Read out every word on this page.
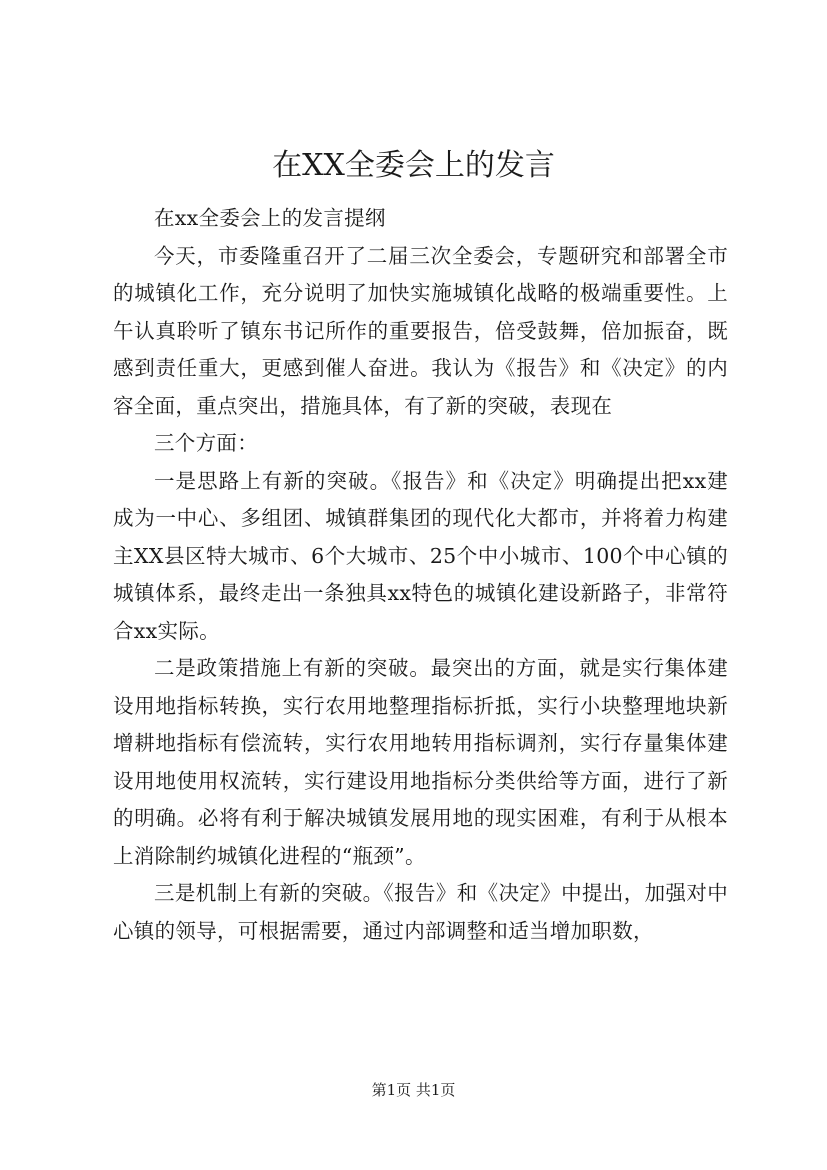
在XX全委会上的发言

在xx全委会上的发言提纲

今天，市委隆重召开了二届三次全委会，专题研究和部署全市的城镇化工作，充分说明了加快实施城镇化战略的极端重要性。上午认真聆听了镇东书记所作的重要报告，倍受鼓舞，倍加振奋，既感到责任重大，更感到催人奋进。我认为《报告》和《决定》的内容全面，重点突出，措施具体，有了新的突破，表现在

三个方面：

一是思路上有新的突破。《报告》和《决定》明确提出把xx建成为一中心、多组团、城镇群集团的现代化大都市，并将着力构建主XX县区特大城市、6个大城市、25个中小城市、100个中心镇的城镇体系，最终走出一条独具xx特色的城镇化建设新路子，非常符合xx实际。

二是政策措施上有新的突破。最突出的方面，就是实行集体建设用地指标转换，实行农用地整理指标折抵，实行小块整理地块新增耕地指标有偿流转，实行农用地转用指标调剂，实行存量集体建设用地使用权流转，实行建设用地指标分类供给等方面，进行了新的明确。必将有利于解决城镇发展用地的现实困难，有利于从根本上消除制约城镇化进程的“瓶颈”。

三是机制上有新的突破。《报告》和《决定》中提出，加强对中心镇的领导，可根据需要，通过内部调整和适当增加职数，

第1页 共1页
